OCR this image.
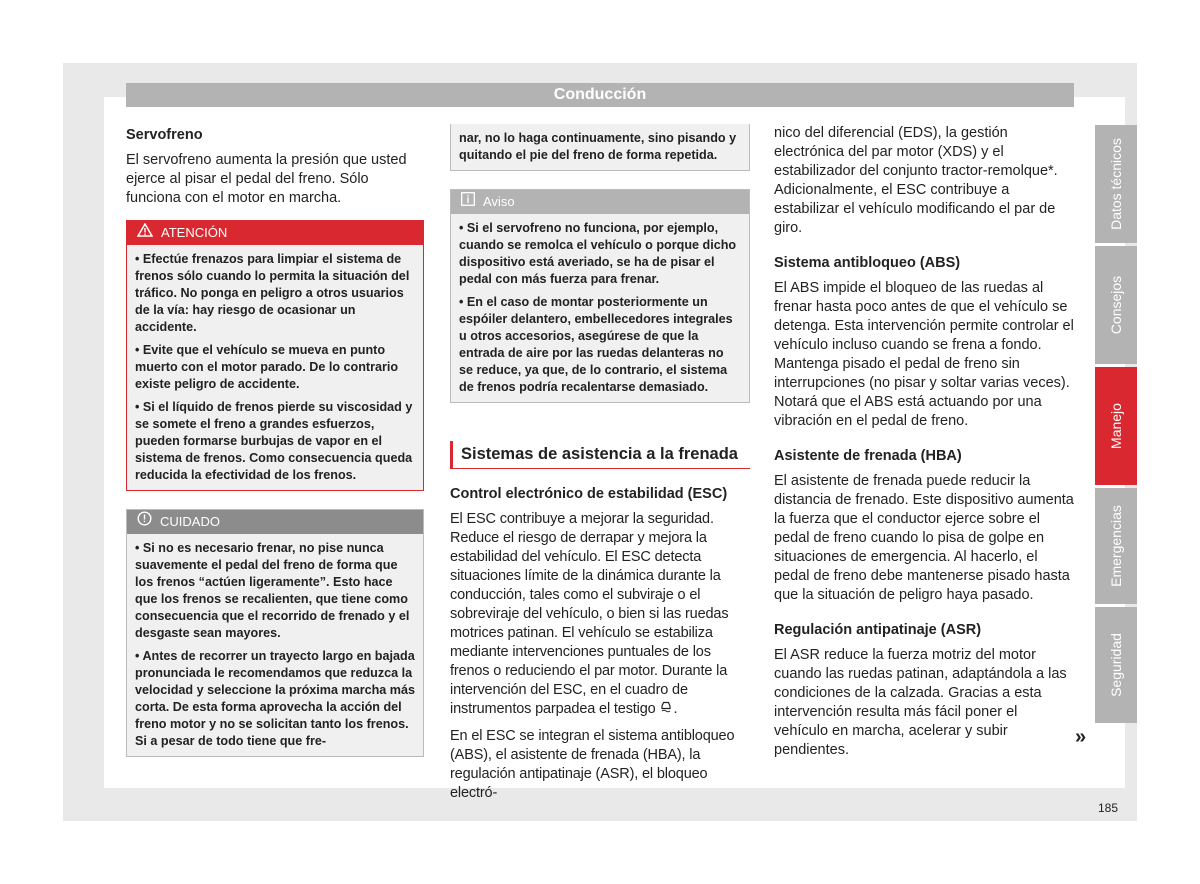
Conducción
Servofreno
El servofreno aumenta la presión que usted ejerce al pisar el pedal del freno. Sólo funciona con el motor en marcha.
ATENCIÓN

• Efectúe frenazos para limpiar el sistema de frenos sólo cuando lo permita la situación del tráfico. No ponga en peligro a otros usuarios de la vía: hay riesgo de ocasionar un accidente.

• Evite que el vehículo se mueva en punto muerto con el motor parado. De lo contrario existe peligro de accidente.

• Si el líquido de frenos pierde su viscosidad y se somete el freno a grandes esfuerzos, pueden formarse burbujas de vapor en el sistema de frenos. Como consecuencia queda reducida la efectividad de los frenos.

CUIDADO

• Si no es necesario frenar, no pise nunca suavemente el pedal del freno de forma que los frenos “actúen ligeramente”. Esto hace que los frenos se recalienten, que tiene como consecuencia que el recorrido de frenado y el desgaste sean mayores.

• Antes de recorrer un trayecto largo en bajada pronunciada le recomendamos que reduzca la velocidad y seleccione la próxima marcha más corta. De esta forma aprovecha la acción del freno motor y no se solicitan tanto los frenos. Si a pesar de todo tiene que fre-

nar, no lo haga continuamente, sino pisando y quitando el pie del freno de forma repetida.
Aviso

• Si el servofreno no funciona, por ejemplo, cuando se remolca el vehículo o porque dicho dispositivo está averiado, se ha de pisar el pedal con más fuerza para frenar.

• En el caso de montar posteriormente un espóiler delantero, embellecedores integrales u otros accesorios, asegúrese de que la entrada de aire por las ruedas delanteras no se reduce, ya que, de lo contrario, el sistema de frenos podría recalentarse demasiado.

Sistemas de asistencia a la frenada
Control electrónico de estabilidad (ESC)
El ESC contribuye a mejorar la seguridad. Reduce el riesgo de derrapar y mejora la estabilidad del vehículo. El ESC detecta situaciones límite de la dinámica durante la conducción, tales como el subviraje o el sobreviraje del vehículo, o bien si las ruedas motrices patinan. El vehículo se estabiliza mediante intervenciones puntuales de los frenos o reduciendo el par motor. Durante la intervención del ESC, en el cuadro de instrumentos parpadea el testigo .
En el ESC se integran el sistema antibloqueo (ABS), el asistente de frenada (HBA), la regulación antipatinaje (ASR), el bloqueo electró-
nico del diferencial (EDS), la gestión electrónica del par motor (XDS) y el estabilizador del conjunto tractor-remolque*. Adicionalmente, el ESC contribuye a estabilizar el vehículo modificando el par de giro.
Sistema antibloqueo (ABS)
El ABS impide el bloqueo de las ruedas al frenar hasta poco antes de que el vehículo se detenga. Esta intervención permite controlar el vehículo incluso cuando se frena a fondo. Mantenga pisado el pedal de freno sin interrupciones (no pisar y soltar varias veces). Notará que el ABS está actuando por una vibración en el pedal de freno.
Asistente de frenada (HBA)
El asistente de frenada puede reducir la distancia de frenado. Este dispositivo aumenta la fuerza que el conductor ejerce sobre el pedal de freno cuando lo pisa de golpe en situaciones de emergencia. Al hacerlo, el pedal de freno debe mantenerse pisado hasta que la situación de peligro haya pasado.
Regulación antipatinaje (ASR)
El ASR reduce la fuerza motriz del motor cuando las ruedas patinan, adaptándola a las condiciones de la calzada. Gracias a esta intervención resulta más fácil poner el vehículo en marcha, acelerar y subir pendientes.
»
Datos técnicos
Consejos
Manejo
Emergencias
Seguridad
185
